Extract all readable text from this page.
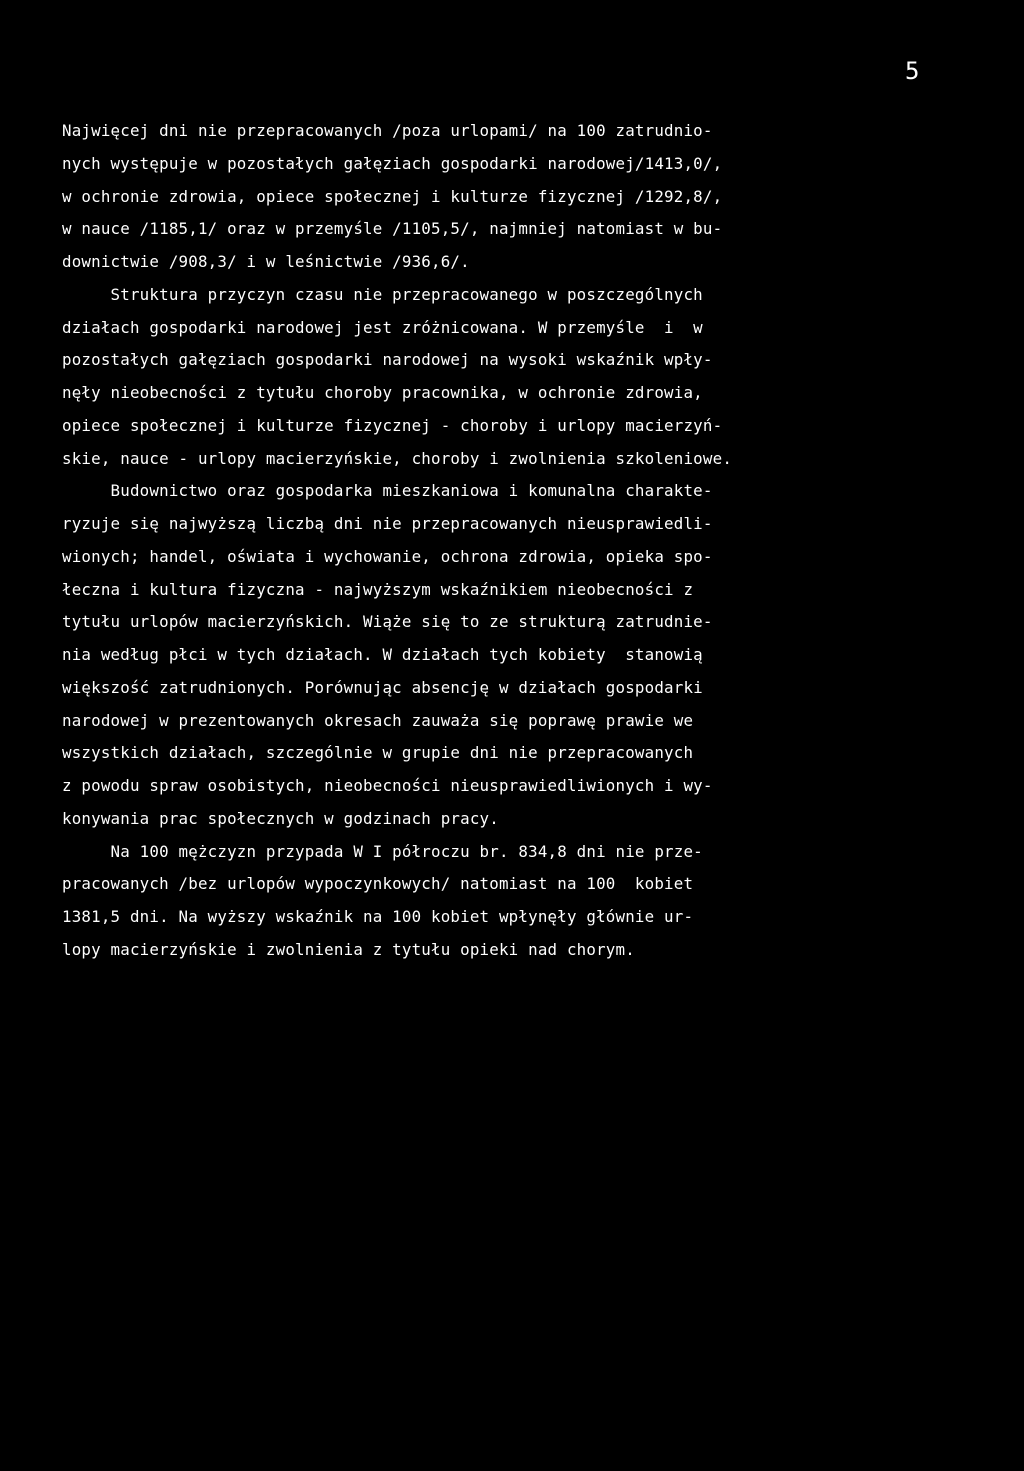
5
Najwięcej dni nie przepracowanych /poza urlopami/ na 100 zatrudnio-
nych występuje w pozostałych gałęziach gospodarki narodowej/1413,0/,
w ochronie zdrowia, opiece społecznej i kulturze fizycznej /1292,8/,
w nauce /1185,1/ oraz w przemyśle /1105,5/, najmniej natomiast w bu-
downictwie /908,3/ i w leśnictwie /936,6/.
Struktura przyczyn czasu nie przepracowanego w poszczególnych
działach gospodarki narodowej jest zróżnicowana. W przemyśle  i  w
pozostałych gałęziach gospodarki narodowej na wysoki wskaźnik wpły-
nęły nieobecności z tytułu choroby pracownika, w ochronie zdrowia,
opiece społecznej i kulturze fizycznej - choroby i urlopy macierzyń-
skie, nauce - urlopy macierzyńskie, choroby i zwolnienia szkoleniowe.
Budownictwo oraz gospodarka mieszkaniowa i komunalna charakte-
ryzuje się najwyższą liczbą dni nie przepracowanych nieusprawiedli-
wionych; handel, oświata i wychowanie, ochrona zdrowia, opieka spo-
łeczna i kultura fizyczna - najwyższym wskaźnikiem nieobecności z
tytułu urlopów macierzyńskich. Wiąże się to ze strukturą zatrudnie-
nia według płci w tych działach. W działach tych kobiety  stanowią
większość zatrudnionych. Porównując absencję w działach gospodarki
narodowej w prezentowanych okresach zauważa się poprawę prawie we
wszystkich działach, szczególnie w grupie dni nie przepracowanych
z powodu spraw osobistych, nieobecności nieusprawiedliwionych i wy-
konywania prac społecznych w godzinach pracy.
Na 100 mężczyzn przypada W I półroczu br. 834,8 dni nie prze-
pracowanych /bez urlopów wypoczynkowych/ natomiast na 100  kobiet
1381,5 dni. Na wyższy wskaźnik na 100 kobiet wpłynęły głównie ur-
lopy macierzyńskie i zwolnienia z tytułu opieki nad chorym.
